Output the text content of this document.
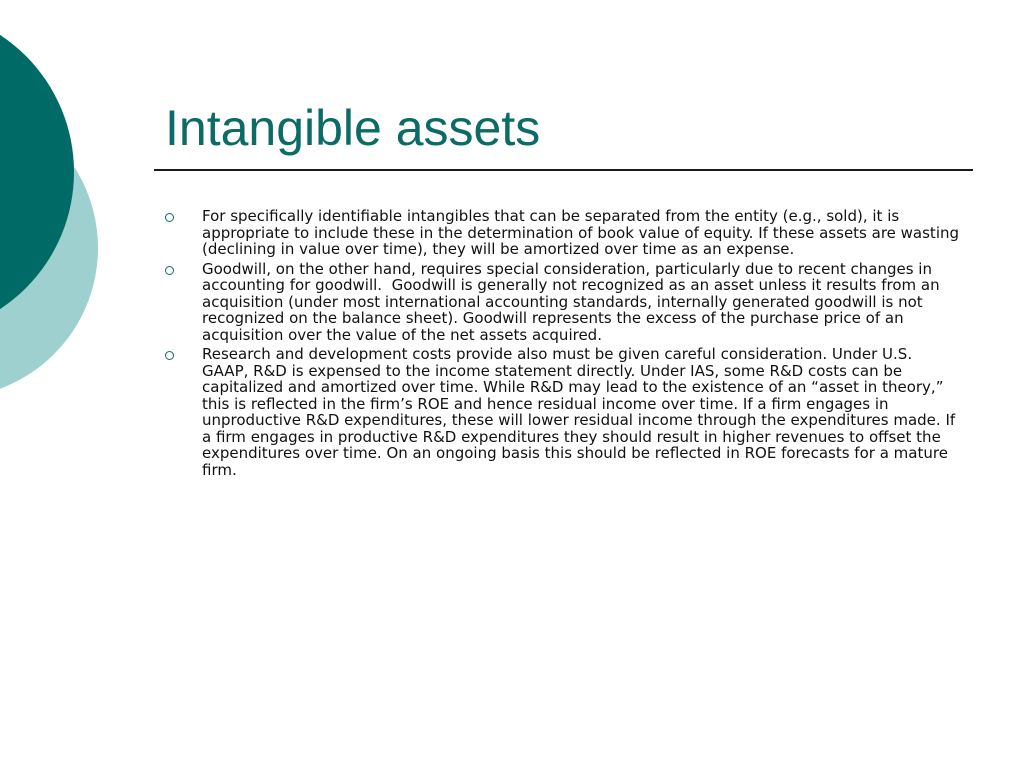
Intangible assets
For specifically identifiable intangibles that can be separated from the entity (e.g., sold), it is appropriate to include these in the determination of book value of equity. If these assets are wasting (declining in value over time), they will be amortized over time as an expense.
Goodwill, on the other hand, requires special consideration, particularly due to recent changes in accounting for goodwill.  Goodwill is generally not recognized as an asset unless it results from an acquisition (under most international accounting standards, internally generated goodwill is not recognized on the balance sheet). Goodwill represents the excess of the purchase price of an acquisition over the value of the net assets acquired.
Research and development costs provide also must be given careful consideration. Under U.S. GAAP, R&D is expensed to the income statement directly. Under IAS, some R&D costs can be capitalized and amortized over time. While R&D may lead to the existence of an “asset in theory,” this is reflected in the firm’s ROE and hence residual income over time. If a firm engages in unproductive R&D expenditures, these will lower residual income through the expenditures made. If a firm engages in productive R&D expenditures they should result in higher revenues to offset the expenditures over time. On an ongoing basis this should be reflected in ROE forecasts for a mature firm.
